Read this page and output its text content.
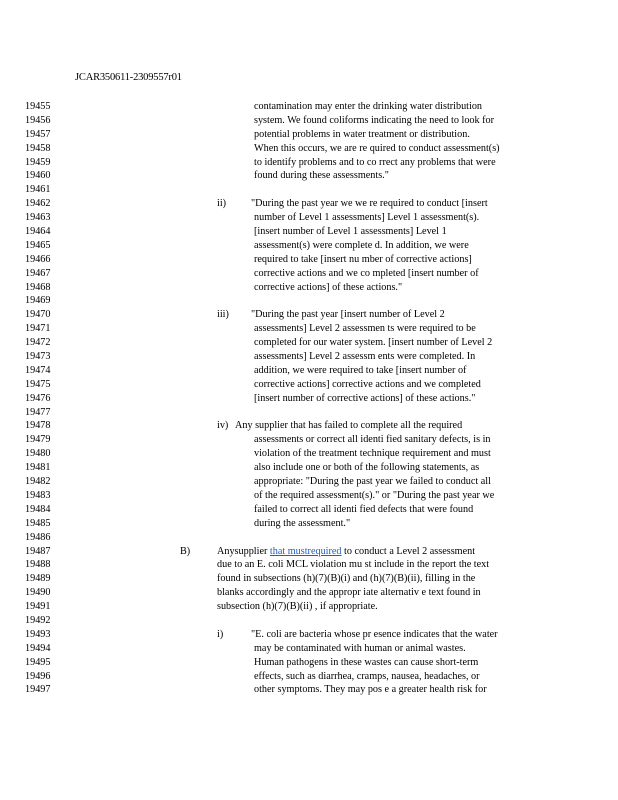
JCAR350611-2309557r01
19455	contamination may enter the drinking water distribution
19456	system. We found coliforms indicating the need to look for
19457	potential problems in water treatment or distribution.
19458	When this occurs, we are re quired to conduct assessment(s)
19459	to identify problems and to co rrect any problems that were
19460	found during these assessments."
19461
19462	ii) "During the past year we we re required to conduct [insert
19463	number of Level 1 assessments] Level 1 assessment(s).
19464	[insert number of Level 1 assessments] Level 1
19465	assessment(s) were complete d. In addition, we were
19466	required to take [insert nu mber of corrective actions]
19467	corrective actions and we co mpleted [insert number of
19468	corrective actions] of these actions."
19469
19470	iii) "During the past year [insert number of Level 2
19471	assessments] Level 2 assessmen ts were required to be
19472	completed for our water system. [insert number of Level 2
19473	assessments] Level 2 assessm ents were completed. In
19474	addition, we were required to take [insert number of
19475	corrective actions] corrective actions and we completed
19476	[insert number of corrective actions] of these actions."
19477
19478	iv) Any supplier that has failed to complete all the required
19479	assessments or correct all identi fied sanitary defects, is in
19480	violation of the treatment technique requirement and must
19481	also include one or both of the following statements, as
19482	appropriate: "During the past year we failed to conduct all
19483	of the required assessment(s)." or "During the past year we
19484	failed to correct all identi fied defects that were found
19485	during the assessment."
19486
19487	B)	Anysupplier that mustrequired to conduct a Level 2 assessment
19488	due to an E. coli MCL violation mu st include in the report the text
19489	found in subsections (h)(7)(B)(i) and (h)(7)(B)(ii), filling in the
19490	blanks accordingly and the appropr iate alternativ e text found in
19491	subsection (h)(7)(B)(ii) , if appropriate.
19492
19493	i)	"E. coli are bacteria whose pr esence indicates that the water
19494	may be contaminated with human or animal wastes.
19495	Human pathogens in these wastes can cause short-term
19496	effects, such as diarrhea, cramps, nausea, headaches, or
19497	other symptoms. They may pos e a greater health risk for
